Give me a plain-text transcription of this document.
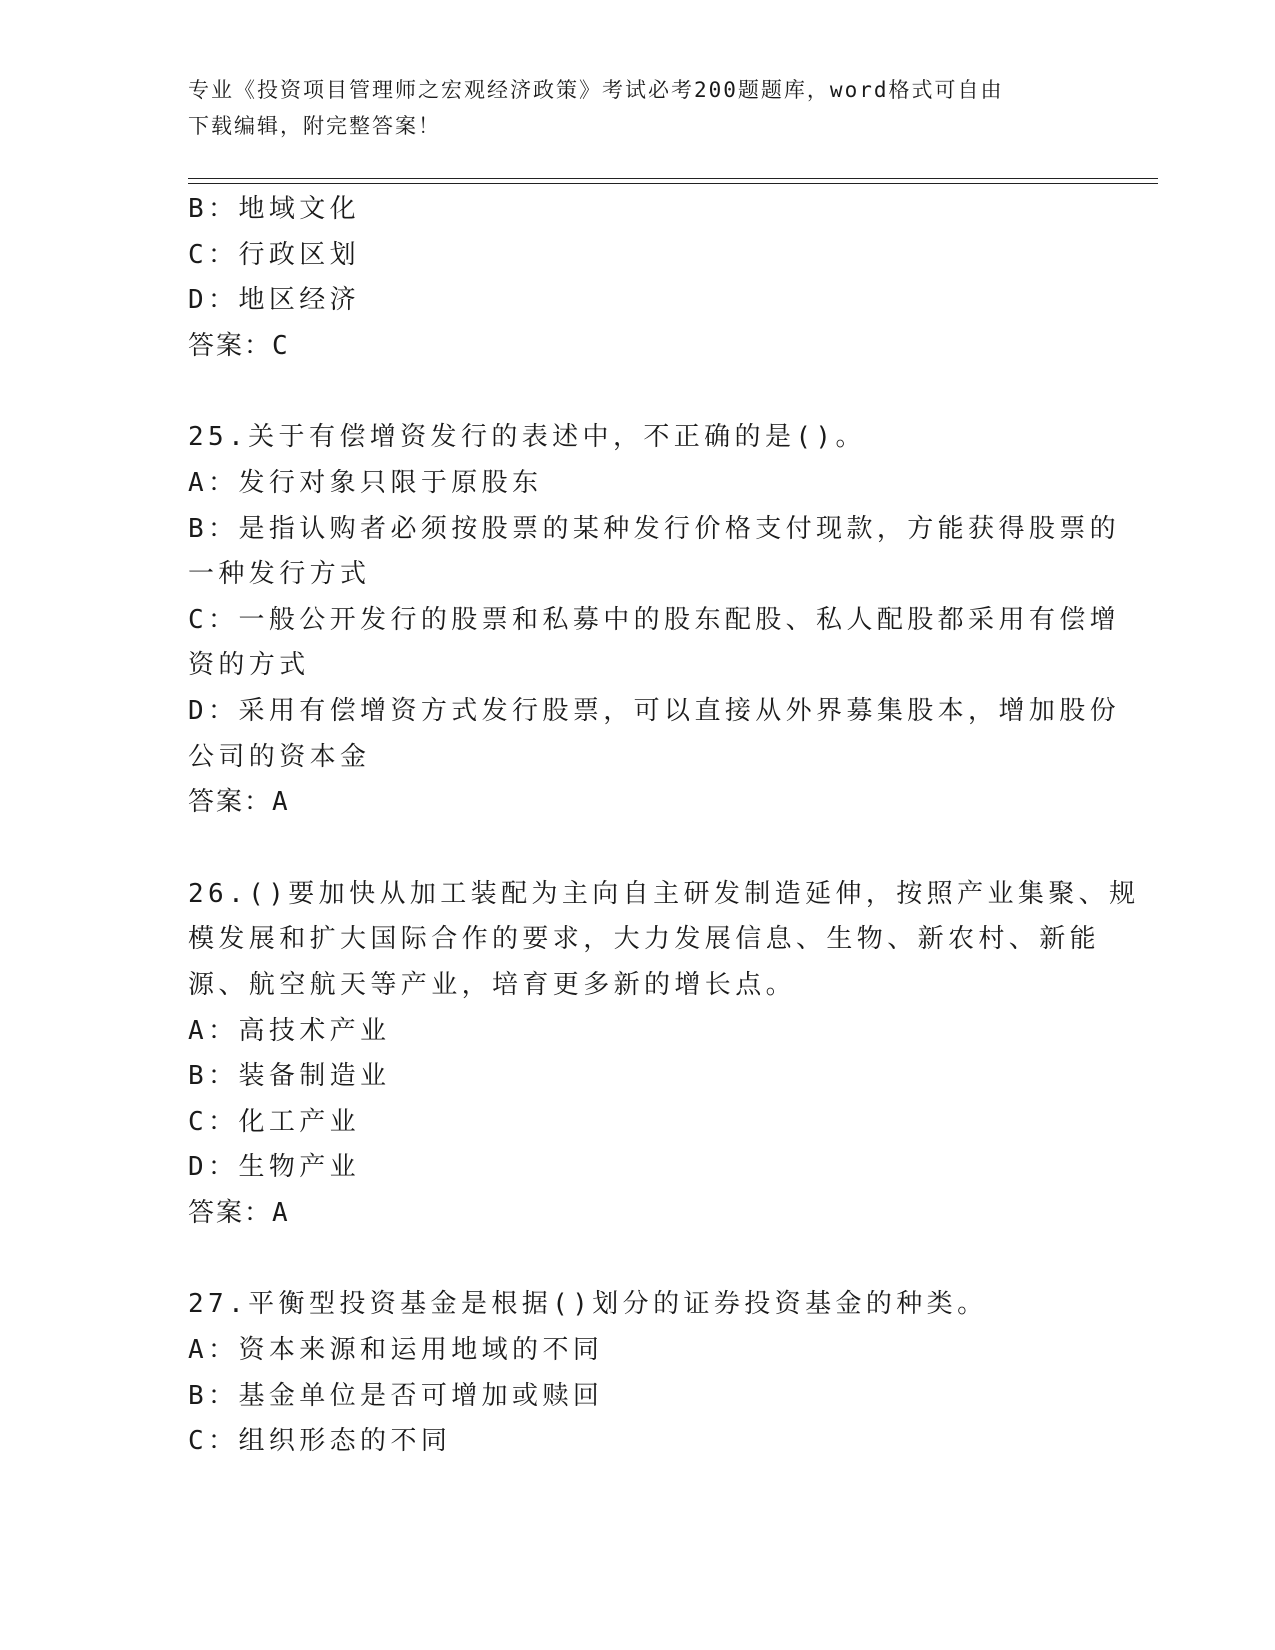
专业《投资项目管理师之宏观经济政策》考试必考200题题库，word格式可自由
下载编辑，附完整答案！
B：地域文化
C：行政区划
D：地区经济
答案：C
25.关于有偿增资发行的表述中，不正确的是()。
A：发行对象只限于原股东
B：是指认购者必须按股票的某种发行价格支付现款，方能获得股票的
一种发行方式
C：一般公开发行的股票和私募中的股东配股、私人配股都采用有偿增
资的方式
D：采用有偿增资方式发行股票，可以直接从外界募集股本，增加股份
公司的资本金
答案：A
26.()要加快从加工装配为主向自主研发制造延伸，按照产业集聚、规
模发展和扩大国际合作的要求，大力发展信息、生物、新农村、新能
源、航空航天等产业，培育更多新的增长点。
A：高技术产业
B：装备制造业
C：化工产业
D：生物产业
答案：A
27.平衡型投资基金是根据()划分的证券投资基金的种类。
A：资本来源和运用地域的不同
B：基金单位是否可增加或赎回
C：组织形态的不同
